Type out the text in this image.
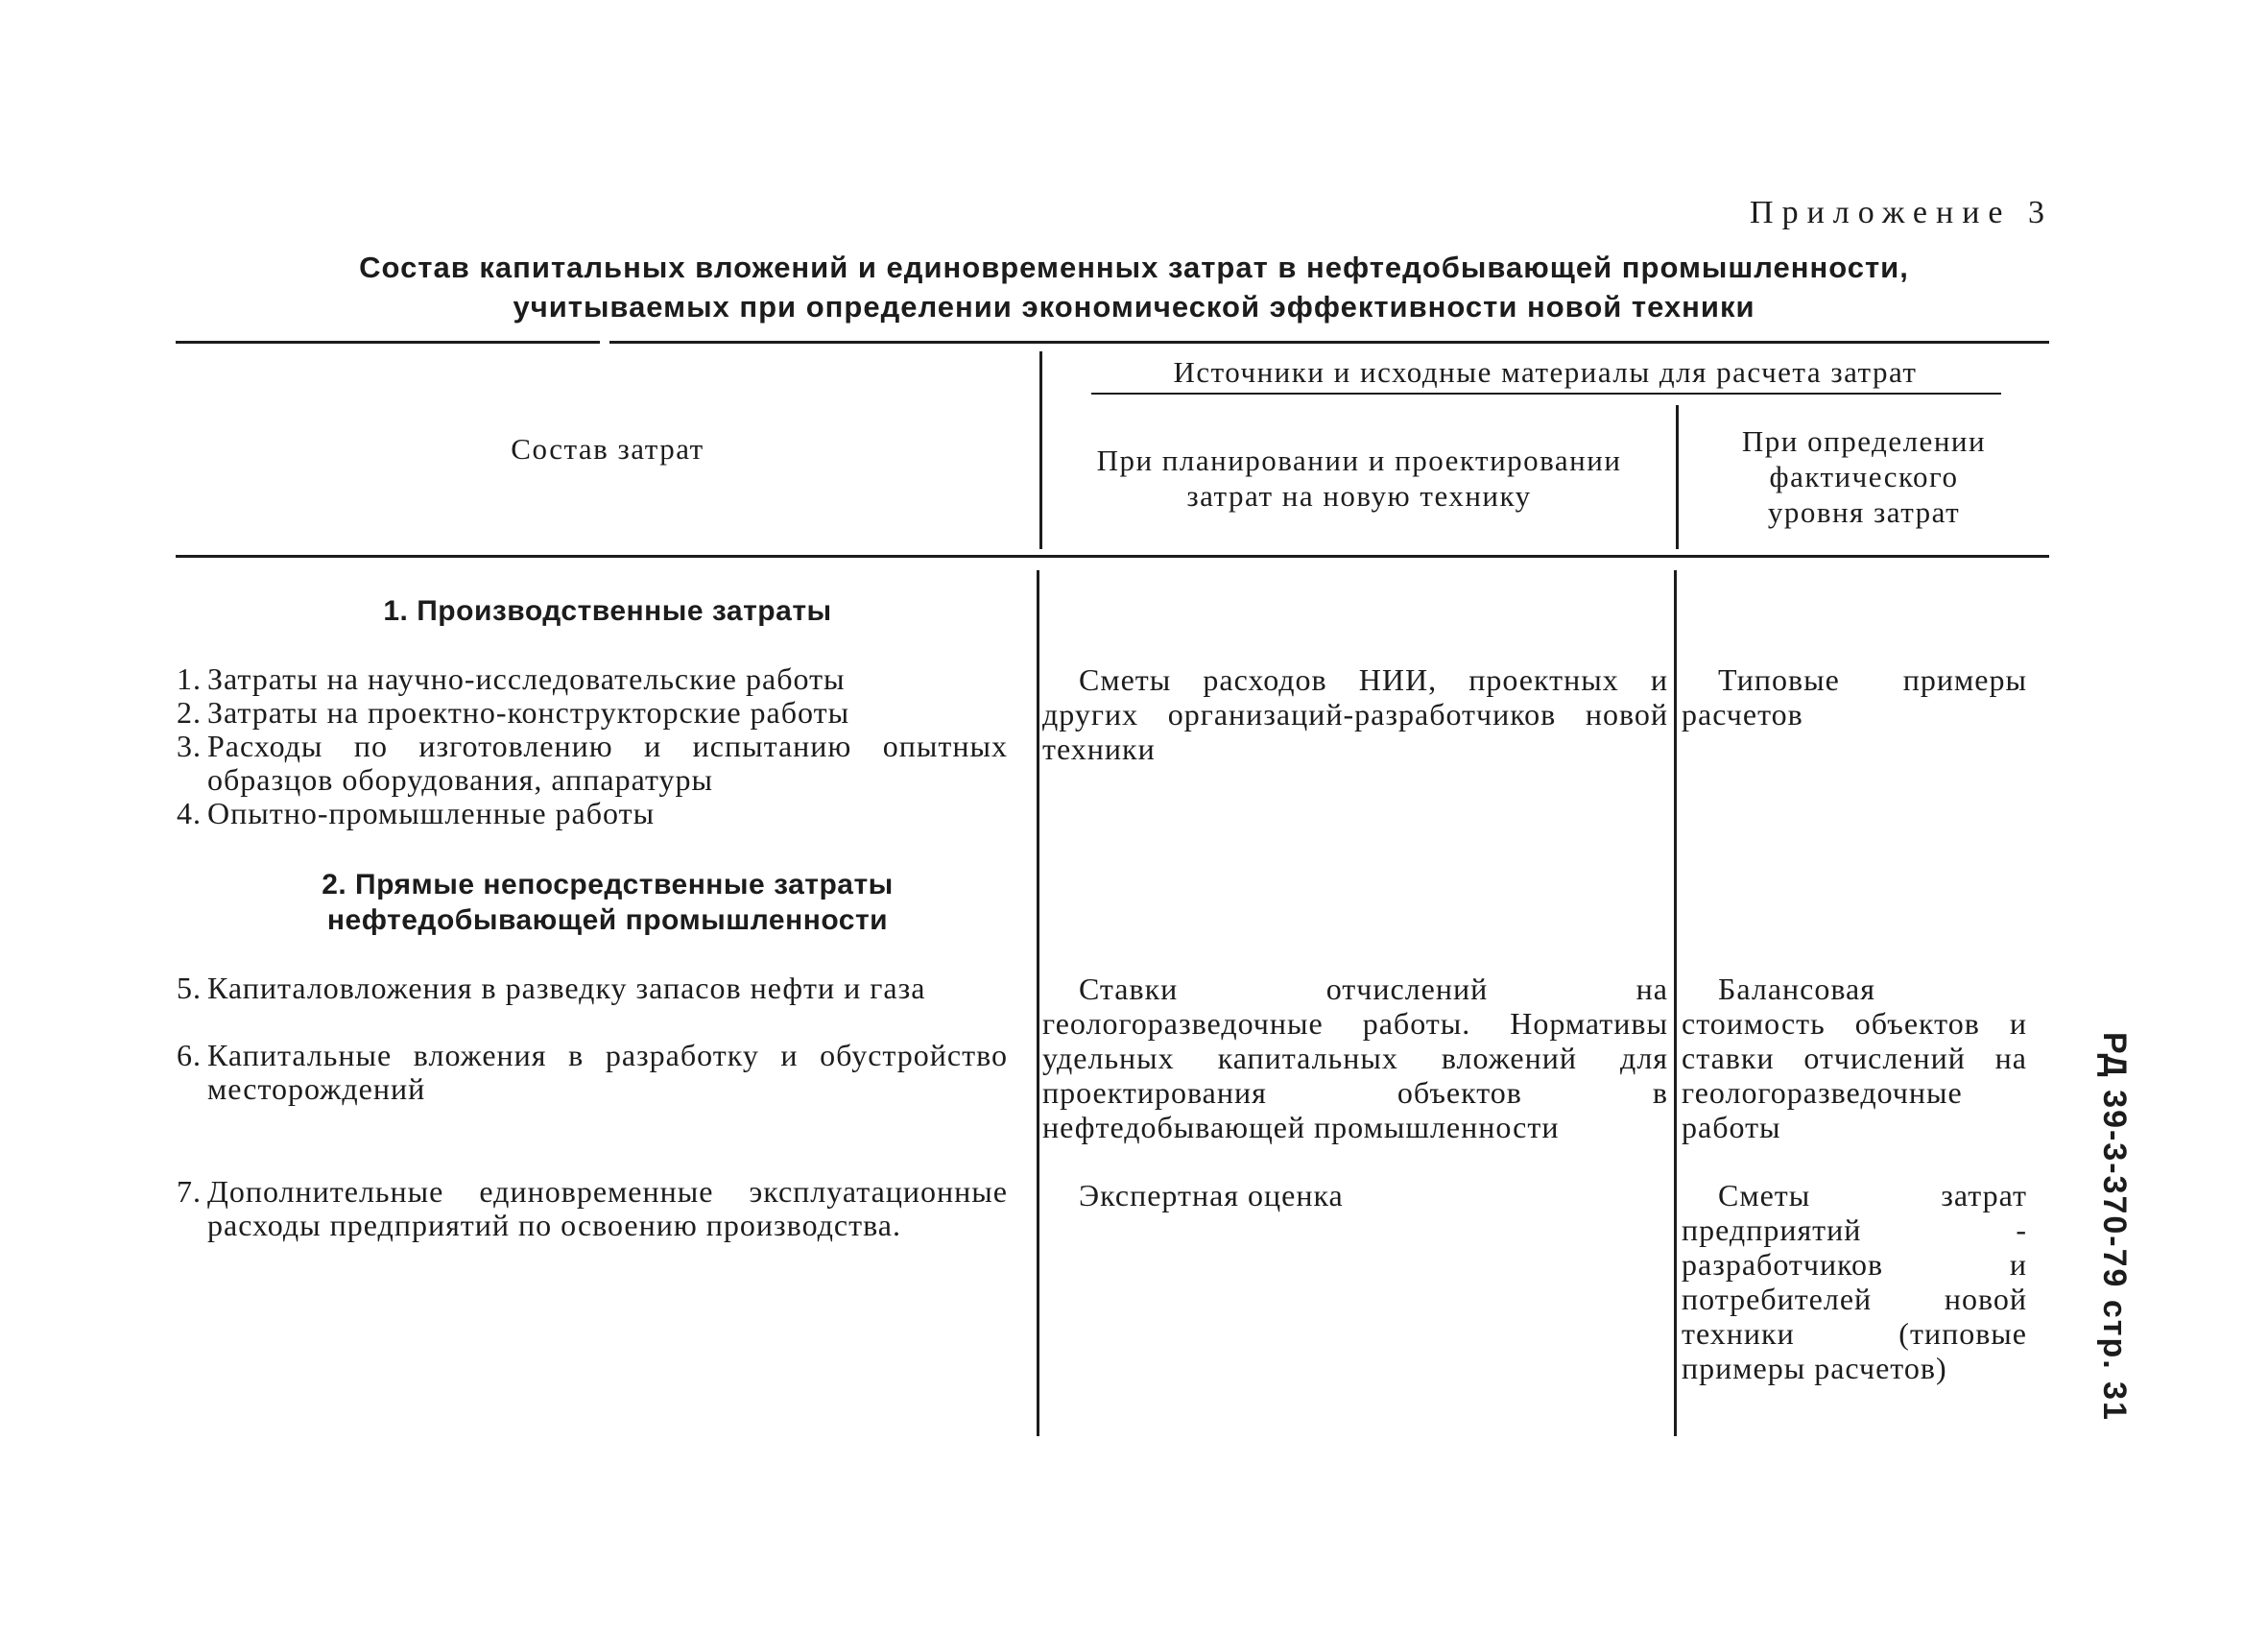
Приложение 3
Состав капитальных вложений и единовременных затрат в нефтедобывающей промышленности,
учитываемых при определении экономической эффективности новой техники
Состав затрат
Источники и исходные материалы для расчета затрат
При планировании и проектировании
затрат на новую технику
При определении
фактического
уровня затрат
1. Производственные затраты
1. Затраты на научно-исследовательские работы
2. Затраты на проектно-конструкторские работы
3. Расходы по изготовлению и испытанию опытных образцов оборудования, аппаратуры
4. Опытно-промышленные работы
Сметы расходов НИИ, проектных и других организаций-разработчиков новой техники
Типовые примеры расчетов
2. Прямые непосредственные затраты
нефтедобывающей промышленности
5. Капиталовложения в разведку запасов нефти и газа
6. Капитальные вложения в разработку и обустройство месторождений
7. Дополнительные единовременные эксплуатационные расходы предприятий по освоению производства.
Ставки отчислений на геологоразведочные работы. Нормативы удельных капитальных вложений для проектирования объектов в нефтедобывающей промышленности
Балансовая стоимость объектов и ставки отчислений на геологоразведочные работы
Экспертная оценка	Сметы затрат предприятий - разработчиков и потребителей новой техники (типовые примеры расчетов)	РД 39-3-370-79 стр. 31
